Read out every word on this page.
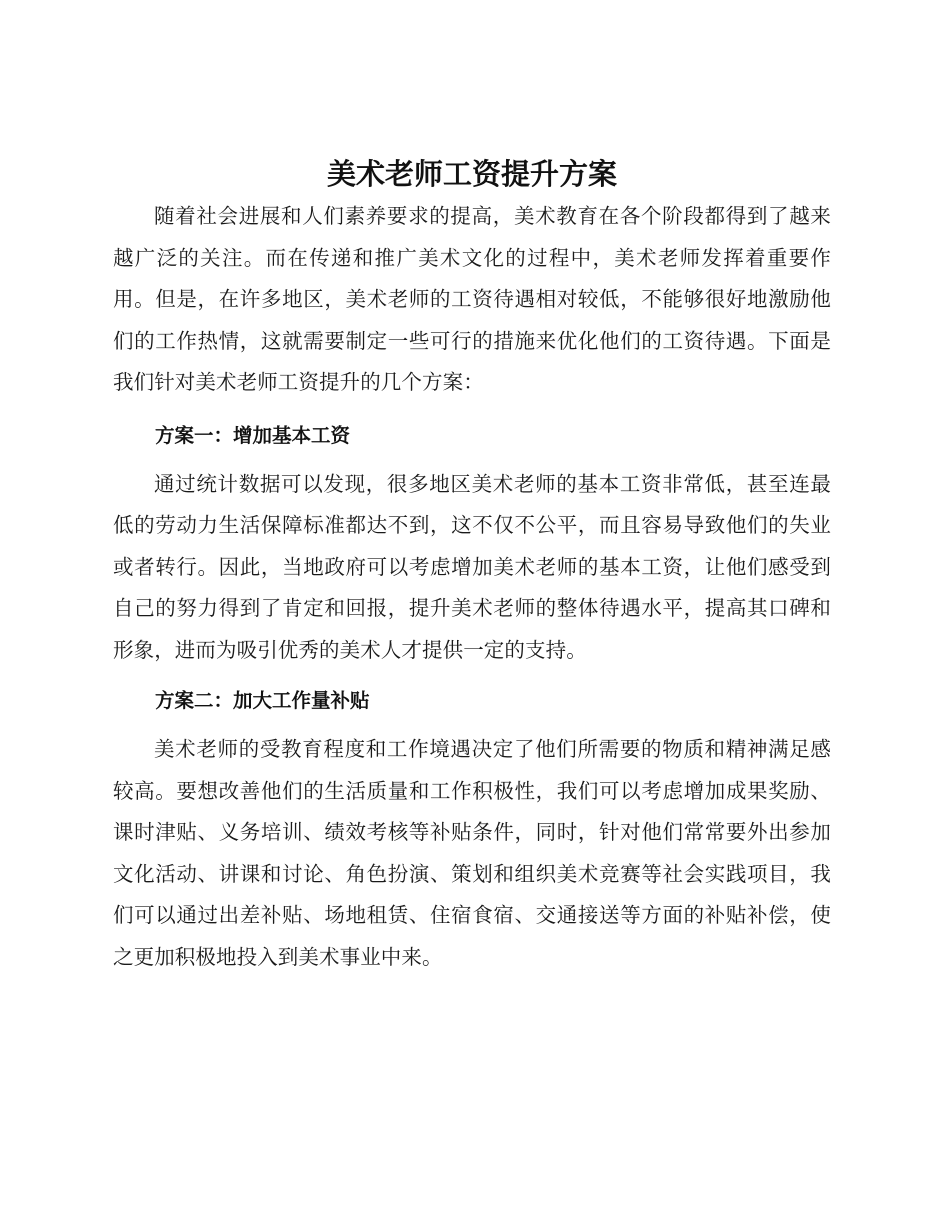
美术老师工资提升方案

随着社会进展和人们素养要求的提高，美术教育在各个阶段都得到了越来越广泛的关注。而在传递和推广美术文化的过程中，美术老师发挥着重要作用。但是，在许多地区，美术老师的工资待遇相对较低，不能够很好地激励他们的工作热情，这就需要制定一些可行的措施来优化他们的工资待遇。下面是我们针对美术老师工资提升的几个方案：

方案一：增加基本工资

通过统计数据可以发现，很多地区美术老师的基本工资非常低，甚至连最低的劳动力生活保障标准都达不到，这不仅不公平，而且容易导致他们的失业或者转行。因此，当地政府可以考虑增加美术老师的基本工资，让他们感受到自己的努力得到了肯定和回报，提升美术老师的整体待遇水平，提高其口碑和形象，进而为吸引优秀的美术人才提供一定的支持。

方案二：加大工作量补贴

美术老师的受教育程度和工作境遇决定了他们所需要的物质和精神满足感较高。要想改善他们的生活质量和工作积极性，我们可以考虑增加成果奖励、课时津贴、义务培训、绩效考核等补贴条件，同时，针对他们常常要外出参加文化活动、讲课和讨论、角色扮演、策划和组织美术竞赛等社会实践项目，我们可以通过出差补贴、场地租赁、住宿食宿、交通接送等方面的补贴补偿，使之更加积极地投入到美术事业中来。
